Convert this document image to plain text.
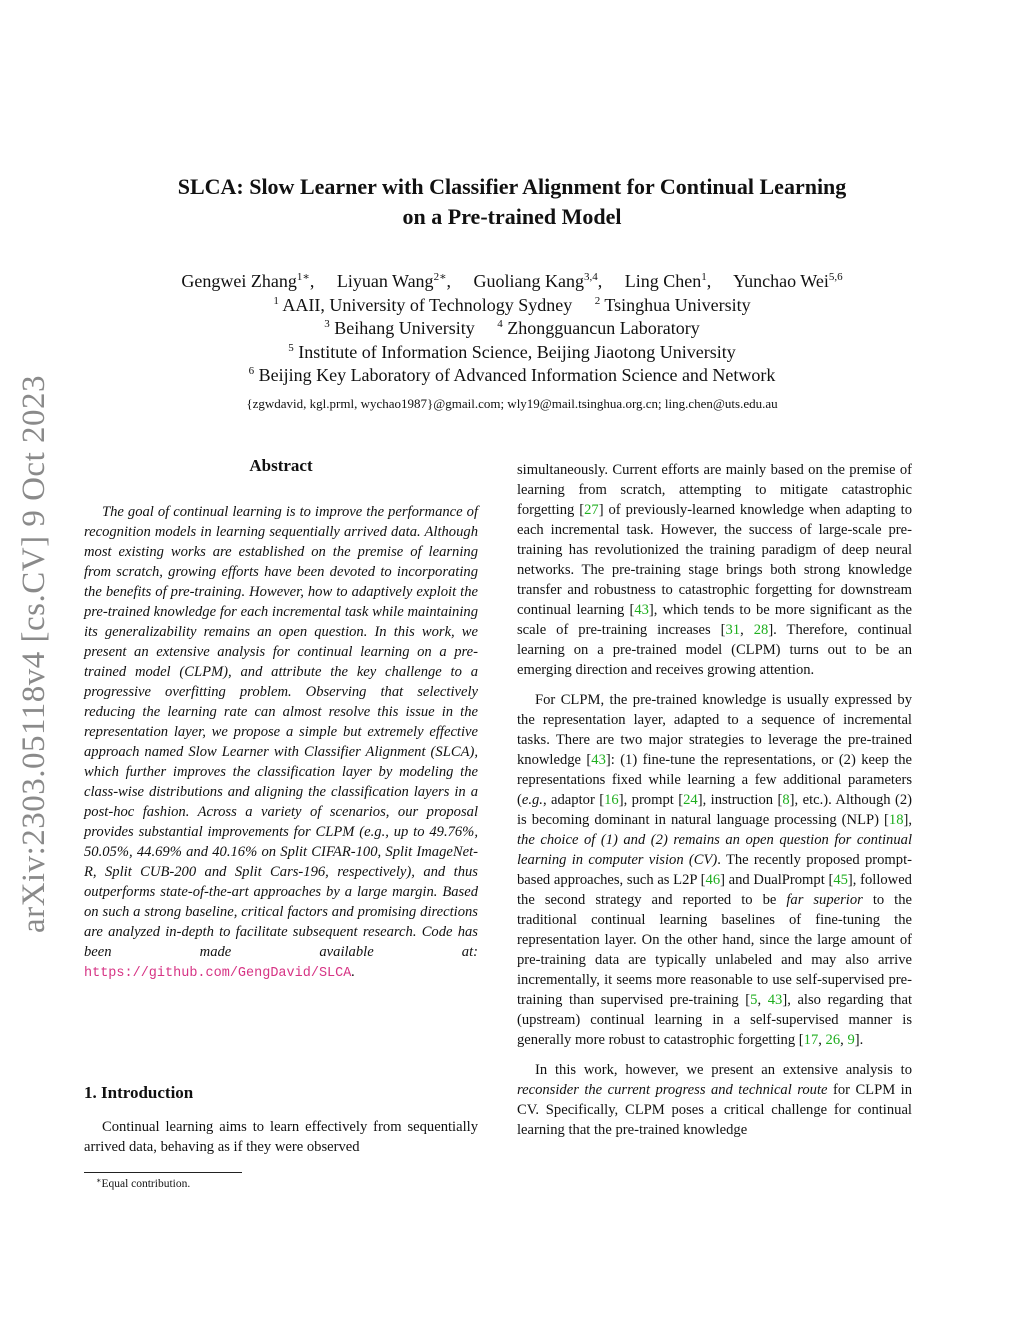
arXiv:2303.05118v4 [cs.CV] 9 Oct 2023
SLCA: Slow Learner with Classifier Alignment for Continual Learning
on a Pre-trained Model
Gengwei Zhang$^{1∗}$, Liyuan Wang$^{2∗}$, Guoliang Kang$^{3,4}$, Ling Chen$^1$, Yunchao Wei$^{5,6}$
$^1$ AAII, University of Technology Sydney $^2$ Tsinghua University
$^3$ Beihang University $^4$ Zhongguancun Laboratory
$^5$ Institute of Information Science, Beijing Jiaotong University
$^6$ Beijing Key Laboratory of Advanced Information Science and Network
{zgwdavid, kgl.prml, wychao1987}@gmail.com; wly19@mail.tsinghua.org.cn; ling.chen@uts.edu.au
Abstract
The goal of continual learning is to improve the performance of recognition models in learning sequentially arrived data. Although most existing works are established on the premise of learning from scratch, growing efforts have been devoted to incorporating the benefits of pre-training. However, how to adaptively exploit the pre-trained knowledge for each incremental task while maintaining its generalizability remains an open question. In this work, we present an extensive analysis for continual learning on a pre-trained model (CLPM), and attribute the key challenge to a progressive overfitting problem. Observing that selectively reducing the learning rate can almost resolve this issue in the representation layer, we propose a simple but extremely effective approach named Slow Learner with Classifier Alignment (SLCA), which further improves the classification layer by modeling the class-wise distributions and aligning the classification layers in a post-hoc fashion. Across a variety of scenarios, our proposal provides substantial improvements for CLPM (e.g., up to 49.76%, 50.05%, 44.69% and 40.16% on Split CIFAR-100, Split ImageNet-R, Split CUB-200 and Split Cars-196, respectively), and thus outperforms state-of-the-art approaches by a large margin. Based on such a strong baseline, critical factors and promising directions are analyzed in-depth to facilitate subsequent research. Code has been made available at: https://github.com/GengDavid/SLCA.
1. Introduction

Continual learning aims to learn effectively from sequentially arrived data, behaving as if they were observed

∗Equal contribution.

simultaneously. Current efforts are mainly based on the premise of learning from scratch, attempting to mitigate catastrophic forgetting [27] of previously-learned knowledge when adapting to each incremental task. However, the success of large-scale pre-training has revolutionized the training paradigm of deep neural networks. The pre-training stage brings both strong knowledge transfer and robustness to catastrophic forgetting for downstream continual learning [43], which tends to be more significant as the scale of pre-training increases [31, 28]. Therefore, continual learning on a pre-trained model (CLPM) turns out to be an emerging direction and receives growing attention.

For CLPM, the pre-trained knowledge is usually expressed by the representation layer, adapted to a sequence of incremental tasks. There are two major strategies to leverage the pre-trained knowledge [43]: (1) fine-tune the representations, or (2) keep the representations fixed while learning a few additional parameters (e.g., adaptor [16], prompt [24], instruction [8], etc.). Although (2) is becoming dominant in natural language processing (NLP) [18], the choice of (1) and (2) remains an open question for continual learning in computer vision (CV). The recently proposed prompt-based approaches, such as L2P [46] and DualPrompt [45], followed the second strategy and reported to be far superior to the traditional continual learning baselines of fine-tuning the representation layer. On the other hand, since the large amount of pre-training data are typically unlabeled and may also arrive incrementally, it seems more reasonable to use self-supervised pre-training than supervised pre-training [5, 43], also regarding that (upstream) continual learning in a self-supervised manner is generally more robust to catastrophic forgetting [17, 26, 9].

In this work, however, we present an extensive analysis to reconsider the current progress and technical route for CLPM in CV. Specifically, CLPM poses a critical challenge for continual learning that the pre-trained knowledge
